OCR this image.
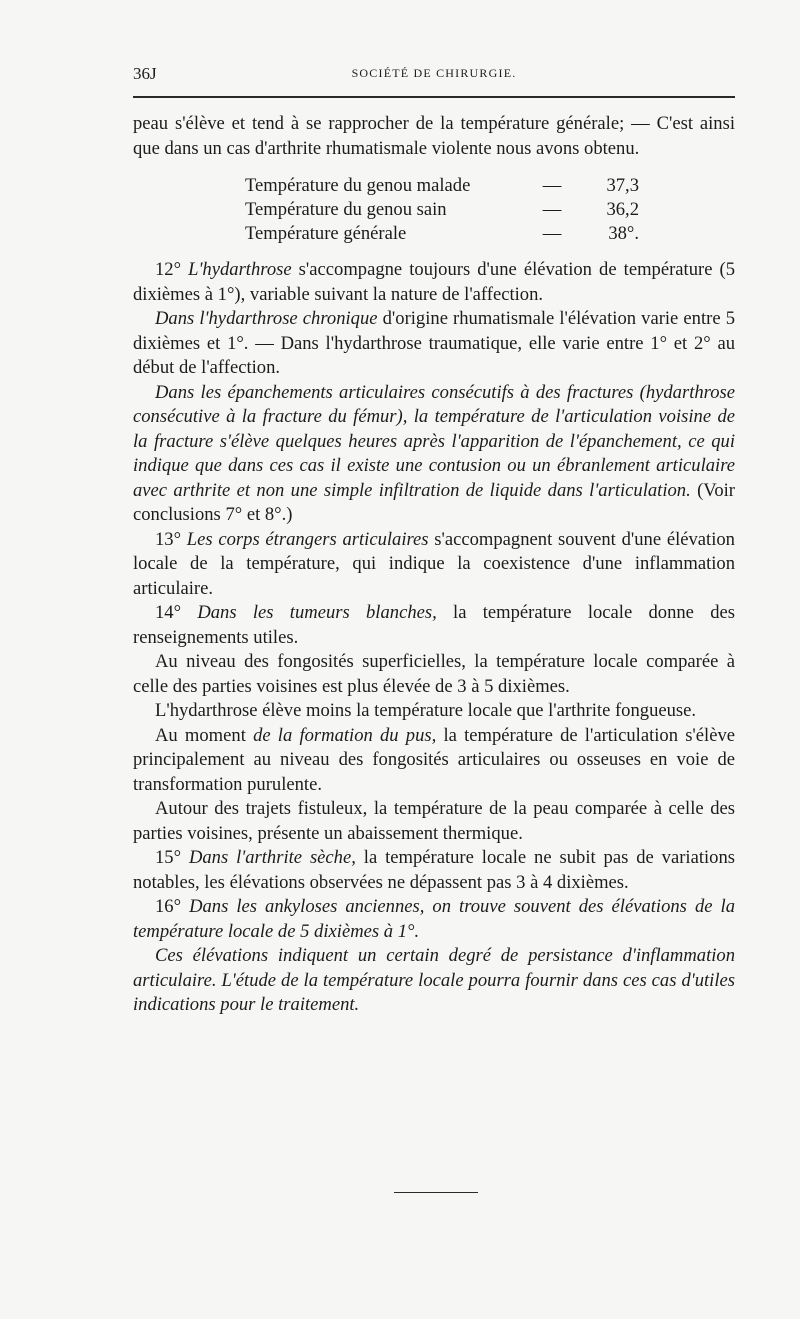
36J	SOCIÉTÉ DE CHIRURGIE.

peau s'élève et tend à se rapprocher de la température générale; — C'est ainsi que dans un cas d'arthrite rhumatismale violente nous avons obtenu.

Température du genou malade	—	37,3
Température du genou sain	—	36,2
Température générale	—	38°.

12° L'hydarthrose s'accompagne toujours d'une élévation de température (5 dixièmes à 1°), variable suivant la nature de l'affection.

Dans l'hydarthrose chronique d'origine rhumatismale l'élévation varie entre 5 dixièmes et 1°. — Dans l'hydarthrose traumatique, elle varie entre 1° et 2° au début de l'affection.

Dans les épanchements articulaires consécutifs à des fractures (hydarthrose consécutive à la fracture du fémur), la température de l'articulation voisine de la fracture s'élève quelques heures après l'apparition de l'épanchement, ce qui indique que dans ces cas il existe une contusion ou un ébranlement articulaire avec arthrite et non une simple infiltration de liquide dans l'articulation. (Voir conclusions 7° et 8°.)

13° Les corps étrangers articulaires s'accompagnent souvent d'une élévation locale de la température, qui indique la coexistence d'une inflammation articulaire.

14° Dans les tumeurs blanches, la température locale donne des renseignements utiles.

Au niveau des fongosités superficielles, la température locale comparée à celle des parties voisines est plus élevée de 3 à 5 dixièmes.

L'hydarthrose élève moins la température locale que l'arthrite fongueuse.

Au moment de la formation du pus, la température de l'articulation s'élève principalement au niveau des fongosités articulaires ou osseuses en voie de transformation purulente.

Autour des trajets fistuleux, la température de la peau comparée à celle des parties voisines, présente un abaissement thermique.

15° Dans l'arthrite sèche, la température locale ne subit pas de variations notables, les élévations observées ne dépassent pas 3 à 4 dixièmes.

16° Dans les ankyloses anciennes, on trouve souvent des élévations de la température locale de 5 dixièmes à 1°.

Ces élévations indiquent un certain degré de persistance d'inflammation articulaire. L'étude de la température locale pourra fournir dans ces cas d'utiles indications pour le traitement.
